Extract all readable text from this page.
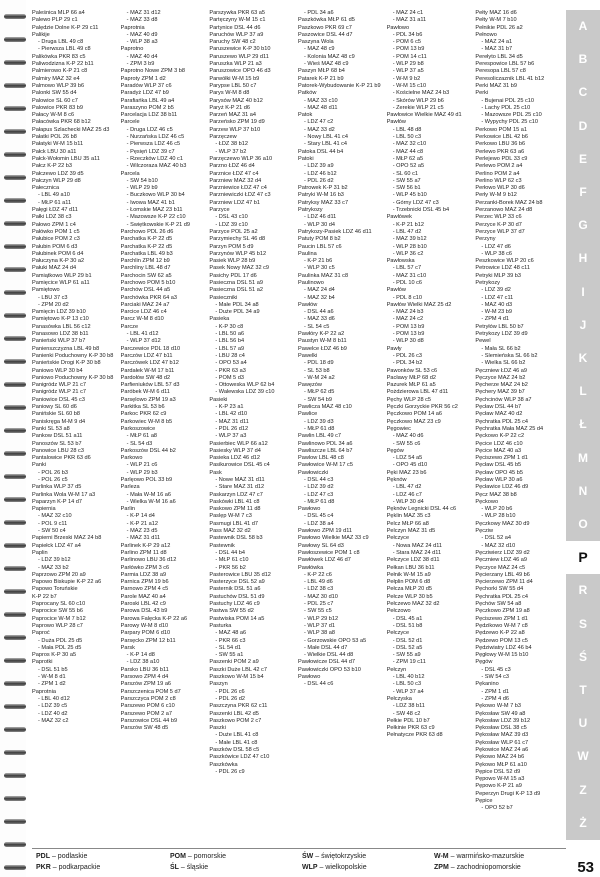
Paleśnica MLP 66 a4
Palewo PLP 29 c1
Palędzie Dolne K-P 29 c11
Palikije
- Druga LBL 49 c8
- Pierwsza LBL 49 c8
Palikówka PKR 83 c5
Paliwodzizna K-P 22 b11
Palmierowo K-P 21 c8
Palmiry MAZ 32 e4
Palmowo WLP 39 b6
Palonki ŚW 55 d4
Palowice ŚL 60 c7
Palowice PKR 83 b9
Pałacy W-M 8 c6
Pałacówka PKR 68 b12
Pałapus Szlachecki MAZ 25 d3
Pałatki POL 26 b8
Pałatyki W-M 15 b11
Pałck LBU 30 a11
Pałck-Wołomin LBU 35 a11
Pałcz K-P 22 b3
Pałczewo LDZ 39 d5
Pałczyn WLP 29 d8
Pałecznica
- LBL 49 a10
- MŁP 61 a11
Pałęgi ŁDZ 47 d11
Pałki LDZ 38 c3
Pałowo ZPM 1 c4
Pałówko POM 1 c5
Pałubice POM 2 c3
Pałubin POM 6 d3
Pałubinek POM 6 d4
Pałuczyna K-P 30 a2
Pałuki MAZ 24 d4
Pamiątkowo WLP 29 b1
Pamięcice WLP 61 a11
Pamiętowo
- LBU 37 c3
- ZPM 20 d2
Pamięcin LDZ 39 b10
Pamiętowo K-P 13 c10
Panasówka LBL 56 c12
Panasowo LDZ 38 b11
Panieński WLP 37 b7
Panienszczyzna LBL 49 b8
Panienki Poduchowny K-P 30 b8
Panieńskie Drogi K-P 30 b8
Paniowo WLP 30 b4
Paniowo Poduchowny K-P 30 b8
Panigródz WLP 21 c7
Panigródz WLP 21 c7
Paniowice DŚL 45 c3
Paniowy ŚL 60 d6
Panińskie ŚL 60 b8
Paniskręga M-M 9 d4
Panki ŚL 53 a8
Pankow DŚL 51 a11
Panoszów ŚL 53 b7
Panowice LBU 28 c3
Pantalowice PKR 63 d6
Panki
- POL 26 b3
- POL 26 c5
Parlinka WLP 37 d5
Parlinka Wola W-M 17 a3
Paparzyn K-P 14 d7
Papiernia
- MAZ 32 c10
- POL 9 c11
- ŚW 50 c4
Papierni Brzeski MAZ 24 b8
Papiełck LDZ 47 a4
Paplin
- LDZ 39 b12
- MAZ 33 b2
Paprzowo ZPM 20 a9
Papowo Biskupie K-P 22 a6
Papowo Toruńskie
K-P 22 b7
Paprocany ŚL 60 c10
Paprocice ŚW 55 b6
Paprocice W-M 7 b12
Paprowo WLP 28 c7
Paproć
- Duża PDL 25 d5
- Mała PDL 25 d5
Papros K-P 30 a5
Paprotki
- DŚL 51 b5
- W-M 8 d1
- ZPM 1 d2
Paprotnia
- LBL 40 d12
- LDZ 39 c5
- LDZ 40 d2
- MAZ 32 c2
- MAZ 31 d12
- MAZ 33 d8
Paprotnia
- MAZ 40 d9
- WLP 38 a3
Paprotno
- MAZ 40 d4
- ZPM 3 b9
Paprotno Nowe ZPM 3 b8
Paproty ZPM 1 d2
Paradów WLP 37 c6
Paradyż LDZ 47 b9
Parafiańka LBL 49 a4
Paraszyno POM 2 b5
Parcelacja LDZ 38 b11
Parcele
- Druga LDZ 46 c5
- Nurzańska LDZ 46 c5
- Pierwsza LDZ 46 c5
- Pęsięń LDZ 39 c7
- Rzeczków LDZ 40 c1
- Wilczoraza MAZ 40 b3
Parcela
- ŚW 54 b10
- WLP 29 b9
- Buczkowo WLP 30 b4
- Iwowa MAZ 41 b1
- Łomskie MAZ 23 b11
- Mazowsze K-P 22 c10
- Świętkowskie K-P 21 d9
Parchowo PDL 26 d6
Parchatka K-P 22 d5
Parchatka K-P 22 d5
Parchatka LBL 49 b3
Parchlin ZPM 12 b9
Parchliny LBL 48 d7
Parchocin ŚW 62 a5
Parchowo POM 5 b10
Parchów DŚL 44 a5
Parchówka PKR 64 a3
Parciaki MAZ 24 a7
Parcice LDZ 46 c4
Parcz W-M 8 d10
Parcze
- LBL 41 d12
- WLP 37 d12
Parczewice PDL 18 d10
Parczów LDZ 47 b11
Parczówek LDZ 47 b12
Pardałek W-M 17 b11
Pardołów ŚW 48 d2
Parfieniuków LBL 57 d3
Paróbek W-M 6 d11
Parsęlowo ZPM 19 a3
Parkitka ŚL 53 b6
Parkoc PKR 62 c9
Parkowiec W-M 8 b5
Parkoszowice
- MŁP 61 a8
- ŚL 54 d3
Parkoszów DŚL 44 b2
Parkowo
- WLP 21 c6
- WLP 29 b3
Parlęowo POL 33 b9
Parleza
- Mała W-M 16 a6
- Wielka W-M 16 a6
Parlin
- K-P 14 d4
- K-P 21 a12
- MAZ 23 d5
- MAZ 31 d11
Parlinek K-P 29 a12
Parlino ZPM 11 d8
Parlinowo LBU 36 d12
Parłówko ZPM 3 c6
Parmia LDZ 38 a9
Parnica ZPM 19 b6
Parnowo ZPM 4 c5
Parole MAZ 40 a4
Paroski LBL 42 c9
Parowa DŚL 43 b9
Parowa Falęcka K-P 22 a6
Parowy W-M 8 d10
Parpary POM 6 d10
Parsęcko ZPM 12 b11
Parsk
- K-P 14 d8
- LDZ 38 a10
Parsko LBU 36 b11
Parsowo ZPM 4 d4
Parszów ZPM 19 a6
Parszczenica POM 5 d7
Parszczyca POM 2 c8
Parszewo POM 6 c10
Parszewo POM 2 a7
Parszowice DŚL 44 b9
Parszów ŚW 48 d5
Parszywka PKR 63 a5
Partęczyny W-M 15 c1
Partynice DŚL 44 d6
Paruchów WLP 37 a9
Paruchy ŚW 48 c2
Paruszewice K-P 30 b10
Paruszewo WLP 29 d11
Paruszka WLP 21 a3
Paruszowice OPO 46 d3
Parwółki W-M 15 b9
Parypse LBL 50 c7
Parys W-M 8 d8
Parysów MAZ 40 b12
Paryż K-P 21 d6
Parzeń MAZ 31 a4
Parzeńsko ZPM 19 d9
Parzew WLP 37 b10
Parzęczew
- ŁDZ 38 b12
- WLP 37 b2
Parzęczewo WLP 36 a10
Parzno ŁDZ 46 d4
Parznice ŁDZ 47 c4
Parzniew MAZ 32 d4
Parzniewice ŁDZ 47 c4
Parzniewiczki ŁDZ 47 c3
Parzniew LDZ 47 b1
Parzyce
- DŚL 43 c10
- LDZ 39 c10
Parzyce POL 25 a2
Parzymiechy ŚL 46 d8
Parzyn POM 5 d9
Parzynów WLP 45 b12
Pasiek WLP 28 b9
Pasek Nowy MAZ 32 c9
Pasichy PDL 17 d6
Pasieczna DŚL 51 a9
Pasieczna DŚL 51 a2
Pasieczniki
- Małe PDL 34 a8
- Duże PDL 34 a9
Pasieka
- K-P 30 c8
- LBL 50 a6
- LBL 56 b4
- LBL 57 a9
- LBU 28 c4
- OPO 53 a4
- PKR 63 a3
- POM 5 d3
- Ottoweska WLP 62 b4
- Walewska LDZ 39 c10
Pasieki
- K-P 23 a1
- LBL 42 d10
- MAZ 31 d11
- PDL 26 d12
- WLP 37 a3
Pasierbiec WLP 66 a12
Pasiesky WLP 37 d4
Pasieka LDZ 46 d12
Pasikurowice DŚL 45 c4
Pask
- Nowe MAZ 31 d11
- Stare MAZ 31 d12
Paskarzyn LDZ 47 c7
Paskówki LBL 41 c8
Paskowo ZPM 11 d8
Paslęp W-M 7 c3
Pasmugi LBL 41 d7
Pass MAZ 32 d2
Pastewnik DŚL 58 b3
Pastewnik
- DŚL 44 b4
- MŁP 61 c10
- PKR 56 b2
Pasterowice LBU 35 d12
Pasterzyce DŚL 52 a9
Pasternik DŚL 51 a6
Pastuchów DŚL 51 d9
Pastuchy LDZ 46 c9
Pastwa ŚW 55 d2
Pastwiska POM 14 a5
Pasturka
- MAZ 48 a6
- PKR 66 c3
- ŚL 54 d1
- ŚW 55 a1
Paszenki POM 2 a9
Paszki Duże LBL 42 c7
Paszkowo W-M 15 b4
Paszyn
- PDL 26 c6
- PDL 26 d2
Paszczyna PKR 62 c11
Paszenki LBL 42 d5
Paszkowo POM 2 c7
Paszki
- Duże LBL 41 c8
- Małe LBL 41 c8
Paszków DŚL 58 c5
Paszkówice LDZ 47 c10
Paszkówka
- PDL 26 c9
- PDL 34 a6
Paszkówka MŁP 61 d5
Paszkowo PKR 69 c7
Paszowice DŚL 44 d7
Paszyna Wola
- MAZ 48 c9
- Kolonia MAZ 48 c9
- Wieś MAZ 48 c9
Paszyn MŁP 68 b4
Patarek K-P 21 b9
Patorek-Wybudowanie K-P 21 b9
Patków
- MAZ 33 c10
- MAZ 48 d11
Patok
- LDZ 47 c2
- MAZ 33 d2
- Nowy LBL 41 c4
- Stary LBL 41 c4
Patoka DŚL 44 b4
Patoki
- LDZ 39 a9
- LDZ 46 b12
- PDL 26 d2
Patrowek K-P 31 b2
Patryki W-M 16 b3
Patryksy MAZ 33 c7
Patrykozy
- LDZ 46 d11
- WLP 30 d4
Patrykozy-Pasiek LDZ 46 d11
Patuty POM 8 b2
Paucin LBL 57 c6
Paulina
- K-P 21 b6
- WLP 30 c5
Paulinka MAZ 31 c8
Paulinowo
- MAZ 24 d4
- MAZ 32 b4
Pawłów
- DŚL 44 a6
- MAZ 33 d6
- ŚL 54 c5
Pawłóry K-P 22 a2
Paustyn W-M 8 b11
Pawelce ŁDZ 46 b9
Pawelki
- PDL 18 d9
- ŚL 53 b8
- W-M 24 a2
Pawęzów
- MŁP 62 d5
- ŚW 54 b9
Pawlicza MAZ 48 c10
Pawlice
- LDZ 39 d3
- MŁP 61 d8
Pawlin LBL 49 c7
Pawlinowo PDL 34 a6
Pawliszcze LBL 64 b7
Pawlow LBL 48 c8
Pawłowice W-M 17 c5
Pawłowiczki
- DŚL 44 c3
- LDZ 39 d2
- LDZ 47 c3
- MŁP 61 d8
Pawłowo
- DŚL 45 c4
- LDZ 38 a4
Pawłowo ZPM 19 d11
Pawłowo Wielkie MAZ 33 c9
Pawłowy ŚL 64 d3
Pawłoszewice POM 1 c8
Pawłówek LDZ 46 d7
Pawłówka
- K-P 22 c6
- LBL 49 d6
- LDZ 38 c3
- MAZ 30 d10
- PDL 25 c7
- ŚW 55 c5
- WLP 29 b12
- WLP 37 d1
- WLP 38 a8
- Gorzowskie OPO 53 a5
- Małe DŚL 44 d7
- Wielkie DŚL 44 d8
Pawłowicze DŚL 44 d7
Pawłowiczki OPO 53 b10
Pawłowo
- DŚL 44 c6
- MAZ 24 c1
- MAZ 31 a11
Pawłowo
- PDL 34 b6
- POM 6 c5
- POM 13 b9
- POM 14 c11
- WLP 29 b8
- WLP 37 a5
- W-M 9 b2
- W-M 15 c10
- Kościelne MAZ 24 b3
- Skórów WLP 29 b6
- Żerekie WLP 21 c5
Pawłowice Wielkie MAZ 49 d1
Pawłów
- LBL 48 d8
- LBL 50 c3
- MAZ 32 c10
- MAZ 44 c8
- MŁP 62 a5
- OPO 52 a5
- ŚL 60 c1
- ŚW 55 a7
- ŚW 56 b1
- WLP 45 b10
- Górny LDZ 47 c3
- Trzebnicki DŚL 45 b4
Pawłówek
- K-P 21 b12
- LBL 47 d2
- MAZ 39 b12
- WLP 28 b10
- WLP 36 c2
Pawłowska
- LBL 57 c7
- MAZ 31 c10
- PDL 10 c6
Pawłów
- PDL 8 c10
Pawłów Wielki MAZ 25 d2
- MAZ 24 b3
- MAZ 24 c2
- POM 13 b9
- POM 13 b9
- WLP 30 d8
Pawły
- PDL 26 c3
- PDL 34 b2
Pawonków ŚL 53 c6
Pacławy MŁP 68 d2
Pazurek MŁP 61 a5
Pożdzierowa LBL 47 d11
Pęchy WLP 28 c5
Pęczki Gorzyckie PKR 56 c2
Pęczkowo POM 14 a6
Pęczkowo MAZ 23 c9
Pęgowiec
- MAZ 40 d6
- ŚW 55 c6
Pęgów
- LDZ 54 a5
- OPO 45 d10
Pęki MAZ 23 b6
Pęknów
- LBL 47 d2
- LDZ 46 c7
- WLP 30 d4
Pęknów Legnicki DŚL 44 c6
Pęklin MAZ 35 c3
Pelcz MŁP 66 a8
Pelczyn MAZ 31 d5
Pełczyce
- Nowa MAZ 24 d11
- Stara MAZ 24 d11
Pełczyce LDZ 38 d11
Pełkan LBU 36 b11
Pełnik W-M 15 a9
Pełplin POM 6 d8
Pełcza MŁP 20 d5
Pełcze WLP 30 b5
Pełczewo MAZ 32 d2
Pełczowo
- DŚL 45 a1
- DŚL 51 b8
Pełczyce
- DŚL 52 d1
- DŚL 52 a5
- ŚW 55 a9
- ZPM 19 c11
Pełczyn
- LBL 40 b12
- LBL 50 c3
- WLP 37 a4
Pełczyska
- LDZ 38 b11
- ŚW 48 c2
Pełkie PDL 10 b7
Pełkinie PKR 63 c9
Pełnatycze PKR 63 d8
Pełty MAZ 16 d6
Pełty W-M 7 b10
Pełnikie PDL 26 a2
Pełnowo
- MAZ 24 a1
- MAZ 31 b7
Perełyto LBL 34 d5
Perespowice LBL 57 b6
Peresopa LBL 57 c8
Peresoliczaznik LBL 41 b12
Perki MAZ 31 b9
Perki
- Bujenai PDL 25 c10
- Lachy PDL 25 c10
- Mazowsze PDL 25 c10
- Wypychy PDL 25 c10
Perkowo POM 15 a1
Perkowice LBL 42 b6
Perkowo LBU 36 b6
Perlewo PKR 63 a6
Perlejewo PDL 33 c9
Perlewo POM 2 a4
Perlino POM 2 a4
Perlino WLP 62 c3
Perłowo WLP 30 d6
Perły W-M 9 b12
Perzanki-Borek MAZ 24 b8
Perzanowo MAZ 24 d8
Perzec WLP 33 c6
Perzyce K-P 30 d7
Perzyce WLP 37 d7
Perzyny
- LDZ 47 d6
- WLP 38 c6
Peszkowice WLP 20 c6
Petrowice LDZ 48 c11
Petryki MLP 39 b3
Petrykozy
- LDZ 39 d2
- LDZ 47 c11
- MAZ 40 d3
- W-M 23 b9
- ZPM 4 d1
Petryłów LBL 50 b7
Petrykozy LDZ 39 d9
Pewel
- Mała ŚL 66 b2
- Ślemieńska ŚL 66 b2
- Wielka ŚL 66 b2
Pęczniew ŁDZ 46 a9
Pęczyce MAZ 24 b2
Pęcherze MAZ 24 b2
Pęchery MAZ 39 b7
Pęchcinów WLP 38 a7
Pęcław DŚL 44 b7
Pęcław MAZ 40 d2
Pęchratka PDL 25 c4
Pęchratka Mała MAZ 25 d4
Pęckowo K-P 22 c2
Pęcice LDZ 46 c10
Pęcice MAZ 40 a3
Pęciszewo ZPM 1 d1
Pęcław DŚL 45 b5
Pęcław OPO 45 b5
Pęcław WLP 30 a6
Pęcławice LDZ 46 d9
Pęcz MAZ 38 b8
Pęckowo
- WLP 20 b6
- WLP 28 b10
Pęczkowy MAZ 30 d9
Pęcziw
- DŚL 52 a4
- MAZ 32 d10
Pęcziwierz LDZ 39 d2
Pęczniew ŁDZ 46 a9
Pęczyce MAZ 24 c5
Pęcierzany LBL 49 b6
Pęcierzewo ZPM 11 d4
Pęchorki ŚW 55 d4
Pęchratka PDL 25 c4
Pęchów ŚW 54 a8
Pęczkowo ZPM 19 a8
Pęciszewo ZPM 1 d1
Pędzikowo W-M 7 c8
Pędzewo K-P 22 a8
Pędzewo POM 13 c5
Pędziwiatry LDZ 46 b4
Pęgłowy W-M 15 b10
Pęgów
- DŚL 45 c3
- ŚW 54 c3
Pękanino
- ZPM 1 d1
- ZPM 4 d6
Pękowo W-M 7 b3
Pękosław ŚW 49 a8
Pękosław LDZ 39 b12
Pękosław DŚL 38 c5
Pękosław MAZ 39 d3
Pękosław WLP 61 c7
Pękowice MAZ 24 a6
Pękowo MAZ 24 b6
Pękowo MŁP 61 a10
Pępice DŚL 52 d9
Pępowo W-M 15 a3
Pępowo K-P 21 a9
Peperzyn Drugi K-P 13 d9
Pępice
- OPO 52 b7
A
B
C
D
E
F
G
H
I
J
K
L
Ł
M
N
O
P
R
S
Ś
T
U
W
Z
Ż
PDL – podlaskie
PKR – podkarpackie
POM – pomorskie
ŚL – śląskie
ŚW – świętokrzyskie
WLP – wielkopolskie
W-M – warmińsko-mazurskie
ZPM – zachodniopomorskie	53
